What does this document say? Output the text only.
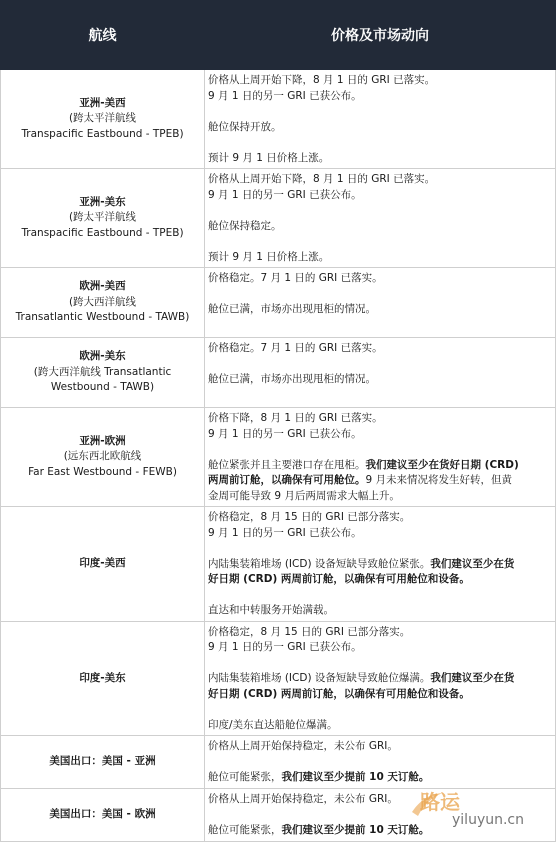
航线	价格及市场动向

亚洲-美西
(跨太平洋航线
Transpacific Eastbound - TPEB)	价格从上周开始下降，8 月 1 日的 GRI 已落实。
9 月 1 日的另一 GRI 已获公布。
舱位保持开放。
预计 9 月 1 日价格上涨。

亚洲-美东
(跨太平洋航线
Transpacific Eastbound - TPEB)	价格从上周开始下降，8 月 1 日的 GRI 已落实。
9 月 1 日的另一 GRI 已获公布。
舱位保持稳定。
预计 9 月 1 日价格上涨。

欧洲-美西
(跨大西洋航线
Transatlantic Westbound - TAWB)	价格稳定。7 月 1 日的 GRI 已落实。
舱位已满，市场亦出现甩柜的情况。

欧洲-美东
(跨大西洋航线 Transatlantic
Westbound - TAWB)	价格稳定。7 月 1 日的 GRI 已落实。
舱位已满，市场亦出现甩柜的情况。

亚洲-欧洲
(远东西北欧航线
Far East Westbound - FEWB)	价格下降，8 月 1 日的 GRI 已落实。
9 月 1 日的另一 GRI 已获公布。
舱位紧张并且主要港口存在甩柜。我们建议至少在货好日期 (CRD)
两周前订舱，以确保有可用舱位。9 月未来情况将发生好转，但黄
金周可能导致 9 月后两周需求大幅上升。

印度-美西	价格稳定，8 月 15 日的 GRI 已部分落实。
9 月 1 日的另一 GRI 已获公布。
内陆集装箱堆场 (ICD) 设备短缺导致舱位紧张。我们建议至少在货
好日期 (CRD) 两周前订舱，以确保有可用舱位和设备。
直达和中转服务开始满载。

印度-美东	价格稳定，8 月 15 日的 GRI 已部分落实。
9 月 1 日的另一 GRI 已获公布。
内陆集装箱堆场 (ICD) 设备短缺导致舱位爆满。我们建议至少在货
好日期 (CRD) 两周前订舱，以确保有可用舱位和设备。
印度/美东直达船舱位爆满。

美国出口：美国 - 亚洲	价格从上周开始保持稳定，未公布 GRI。
舱位可能紧张，我们建议至少提前 10 天订舱。

美国出口：美国 - 欧洲	价格从上周开始保持稳定，未公布 GRI。
舱位可能紧张，我们建议至少提前 10 天订舱。
路运
yiluyun.cn
